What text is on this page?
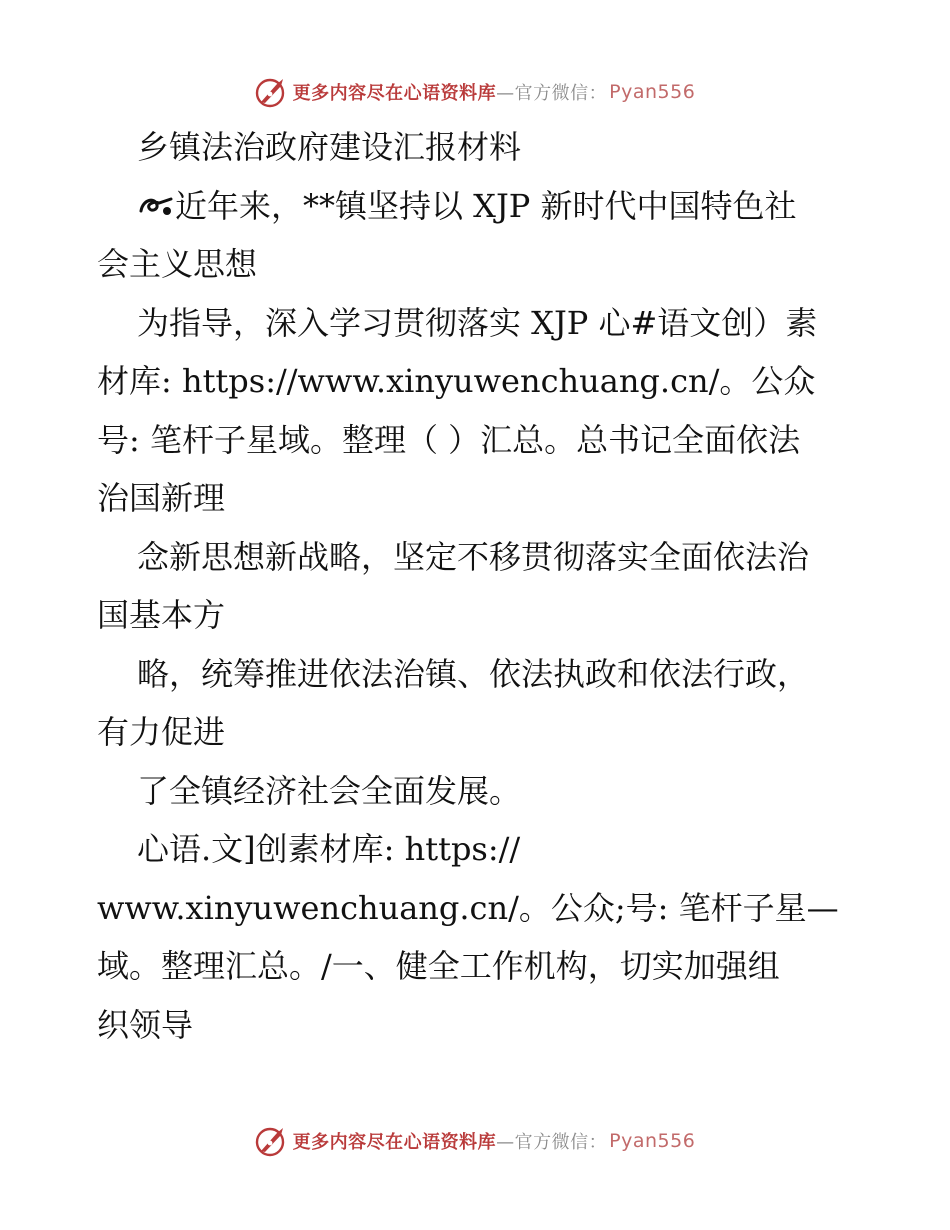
更多内容尽在心语资料库 —官方微信： Pyan556
乡镇法治政府建设汇报材料
近年来，**镇坚持以 XJP 新时代中国特色社
会主义思想
为指导，深入学习贯彻落实 XJP 心#语文创）素
材库: https://www.xinyuwenchuang.cn/。公众
号: 笔杆子星域。整理（ ）汇总。总书记全面依法
治国新理
念新思想新战略，坚定不移贯彻落实全面依法治
国基本方
略，统筹推进依法治镇、依法执政和依法行政，
有力促进
了全镇经济社会全面发展。
心语.文]创素材库: https://
www.xinyuwenchuang.cn/。公众;号: 笔杆子星—
域。整理汇总。/一、健全工作机构，切实加强组
织领导
更多内容尽在心语资料库 —官方微信： Pyan556
